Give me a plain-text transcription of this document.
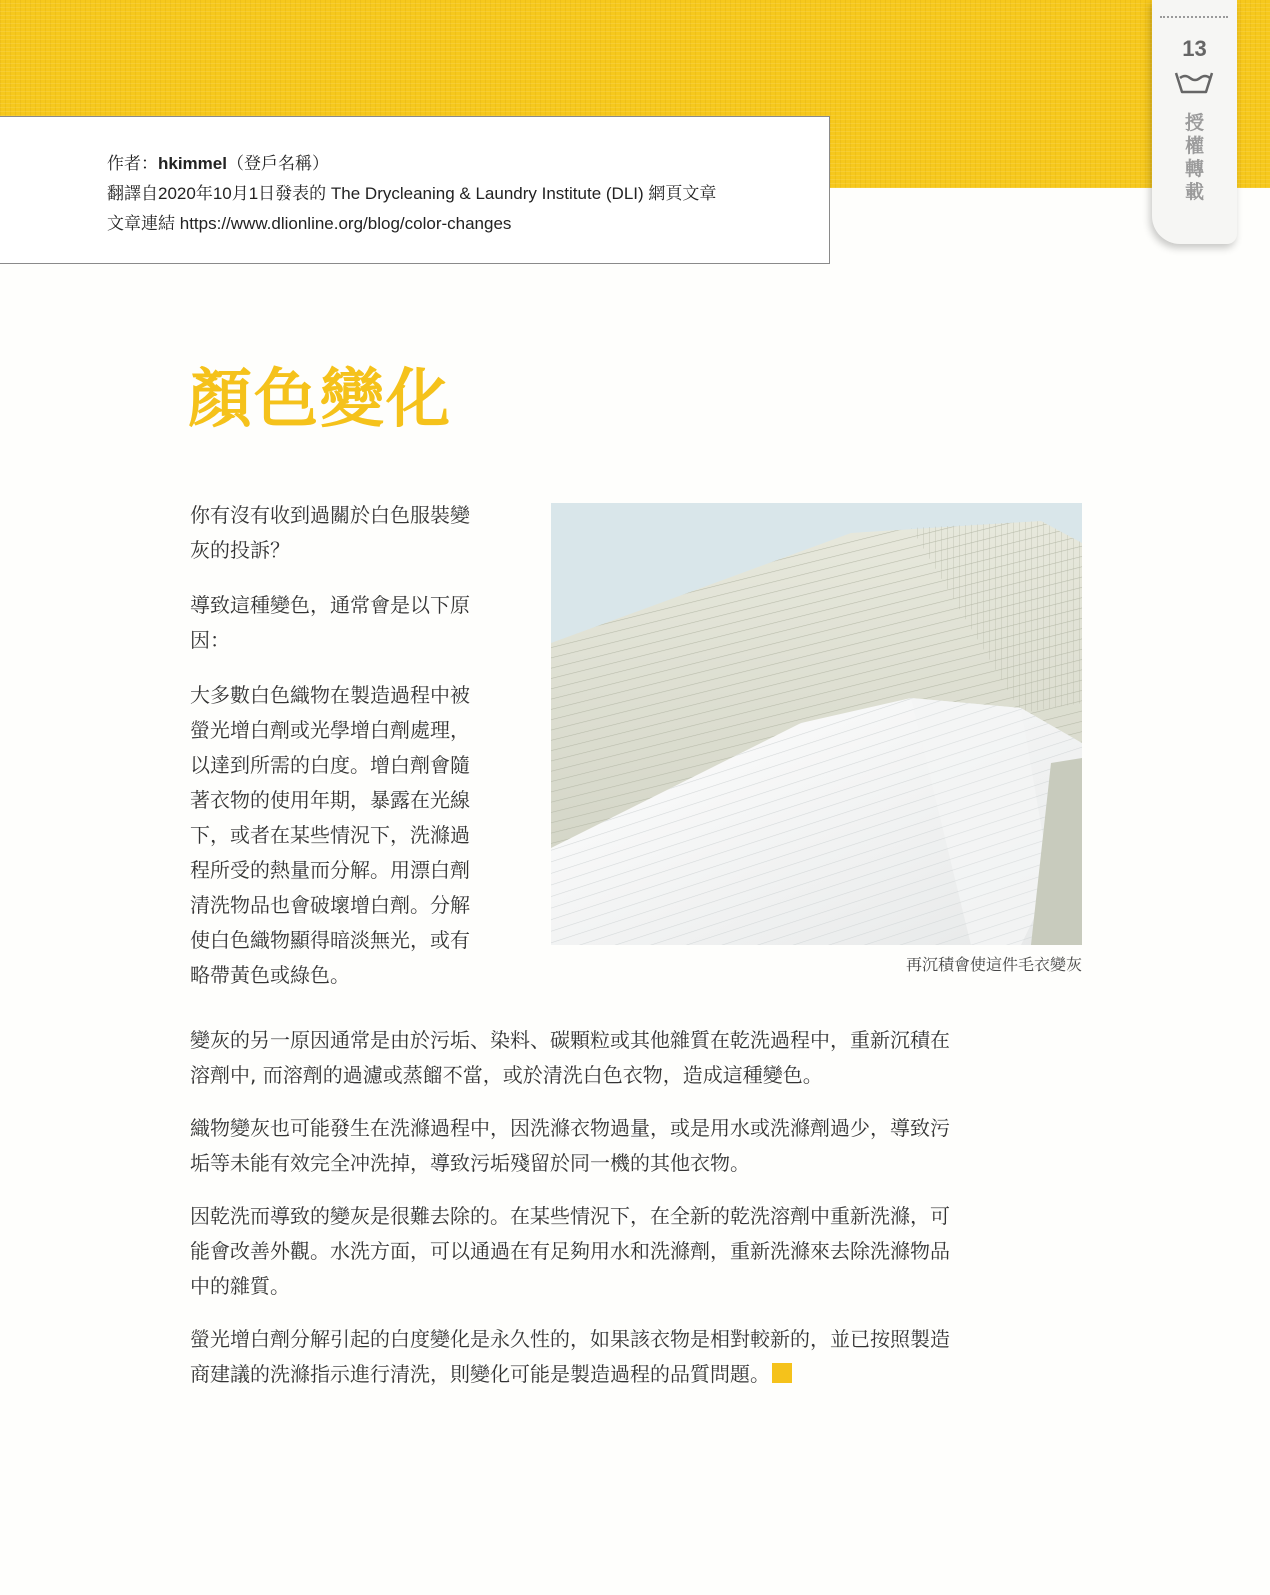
作者：hkimmel（登戶名稱）
翻譯自2020年10月1日發表的 The Drycleaning & Laundry Institute (DLI) 網頁文章
文章連結 https://www.dlionline.org/blog/color-changes
13
授
權
轉
載
顏色變化

你有沒有收到過關於白色服裝變灰的投訴？

導致這種變色，通常會是以下原因：

大多數白色織物在製造過程中被螢光增白劑或光學增白劑處理，以達到所需的白度。增白劑會隨著衣物的使用年期，暴露在光線下，或者在某些情況下，洗滌過程所受的熱量而分解。用漂白劑清洗物品也會破壞增白劑。分解使白色織物顯得暗淡無光，或有略帶黃色或綠色。	再沉積會使這件毛衣變灰

變灰的另一原因通常是由於污垢、染料、碳顆粒或其他雜質在乾洗過程中，重新沉積在溶劑中, 而溶劑的過濾或蒸餾不當，或於清洗白色衣物，造成這種變色。

織物變灰也可能發生在洗滌過程中，因洗滌衣物過量，或是用水或洗滌劑過少，導致污垢等未能有效完全冲洗掉，導致污垢殘留於同一機的其他衣物。

因乾洗而導致的變灰是很難去除的。在某些情況下，在全新的乾洗溶劑中重新洗滌，可能會改善外觀。水洗方面，可以通過在有足夠用水和洗滌劑，重新洗滌來去除洗滌物品中的雜質。

螢光增白劑分解引起的白度變化是永久性的，如果該衣物是相對較新的，並已按照製造商建議的洗滌指示進行清洗，則變化可能是製造過程的品質問題。
